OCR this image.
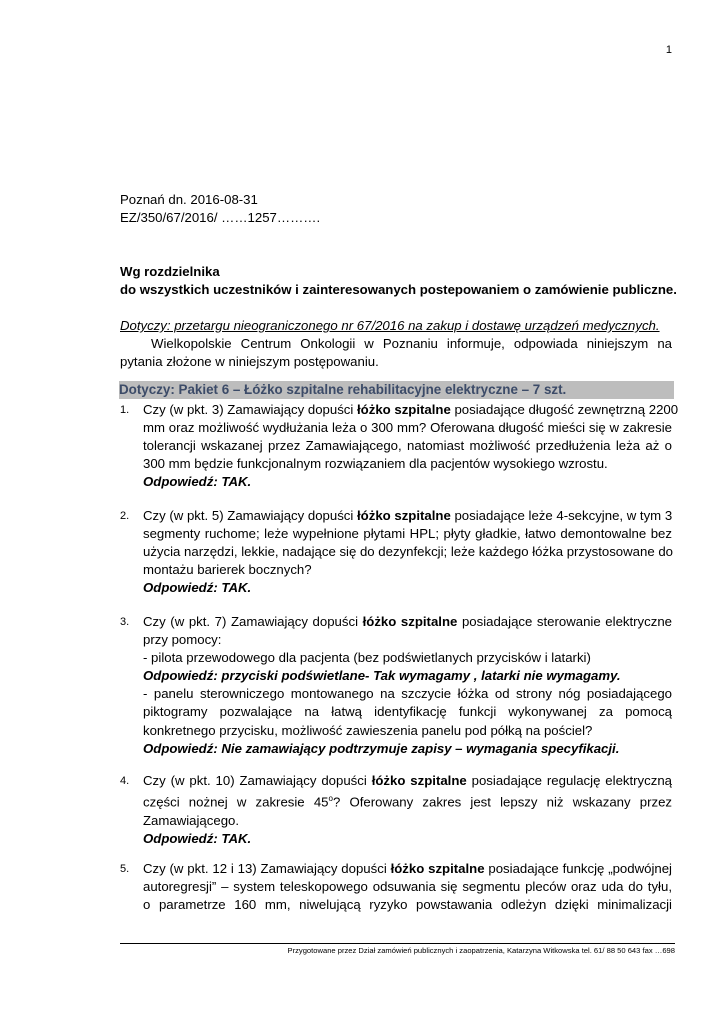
1
Poznań dn. 2016-08-31
EZ/350/67/2016/ ……1257……….
Wg rozdzielnika
do wszystkich uczestników i zainteresowanych postepowaniem o zamówienie publiczne.
Dotyczy: przetargu nieograniczonego nr 67/2016 na zakup i dostawę urządzeń medycznych.
Wielkopolskie Centrum Onkologii w Poznaniu informuje, odpowiada niniejszym na
pytania złożone w niniejszym postępowaniu.
Dotyczy: Pakiet 6 – Łóżko szpitalne rehabilitacyjne elektryczne – 7 szt.
1. Czy (w pkt. 3) Zamawiający dopuści łóżko szpitalne posiadające długość zewnętrzną 2200
mm oraz możliwość wydłużania leża o 300 mm? Oferowana długość mieści się w zakresie
tolerancji wskazanej przez Zamawiającego, natomiast możliwość przedłużenia leża aż o
300 mm będzie funkcjonalnym rozwiązaniem dla pacjentów wysokiego wzrostu.
Odpowiedź: TAK.
2. Czy (w pkt. 5) Zamawiający dopuści łóżko szpitalne posiadające leże 4-sekcyjne, w tym 3
segmenty ruchome; leże wypełnione płytami HPL; płyty gładkie, łatwo demontowalne bez
użycia narzędzi, lekkie, nadające się do dezynfekcji; leże każdego łóżka przystosowane do
montażu barierek bocznych?
Odpowiedź: TAK.
3. Czy (w pkt. 7) Zamawiający dopuści łóżko szpitalne posiadające sterowanie elektryczne
przy pomocy:
- pilota przewodowego dla pacjenta (bez podświetlanych przycisków i latarki)
Odpowiedź: przyciski podświetlane- Tak wymagamy , latarki nie wymagamy.
- panelu sterowniczego montowanego na szczycie łóżka od strony nóg posiadającego
piktogramy pozwalające na łatwą identyfikację funkcji wykonywanej za pomocą
konkretnego przycisku, możliwość zawieszenia panelu pod półką na pościel?
Odpowiedź: Nie zamawiający podtrzymuje zapisy – wymagania specyfikacji.
4. Czy (w pkt. 10) Zamawiający dopuści łóżko szpitalne posiadające regulację elektryczną
części nożnej w zakresie 45$^o$? Oferowany zakres jest lepszy niż wskazany przez
Zamawiającego.
Odpowiedź: TAK.
5. Czy (w pkt. 12 i 13) Zamawiający dopuści łóżko szpitalne posiadające funkcję „podwójnej
autoregresji” – system teleskopowego odsuwania się segmentu pleców oraz uda do tyłu,
o parametrze 160 mm, niwelującą ryzyko powstawania odleżyn dzięki minimalizacji
Przygotowane przez Dział zamówień publicznych i zaopatrzenia, Katarzyna Witkowska tel. 61/ 88 50 643 fax …698
